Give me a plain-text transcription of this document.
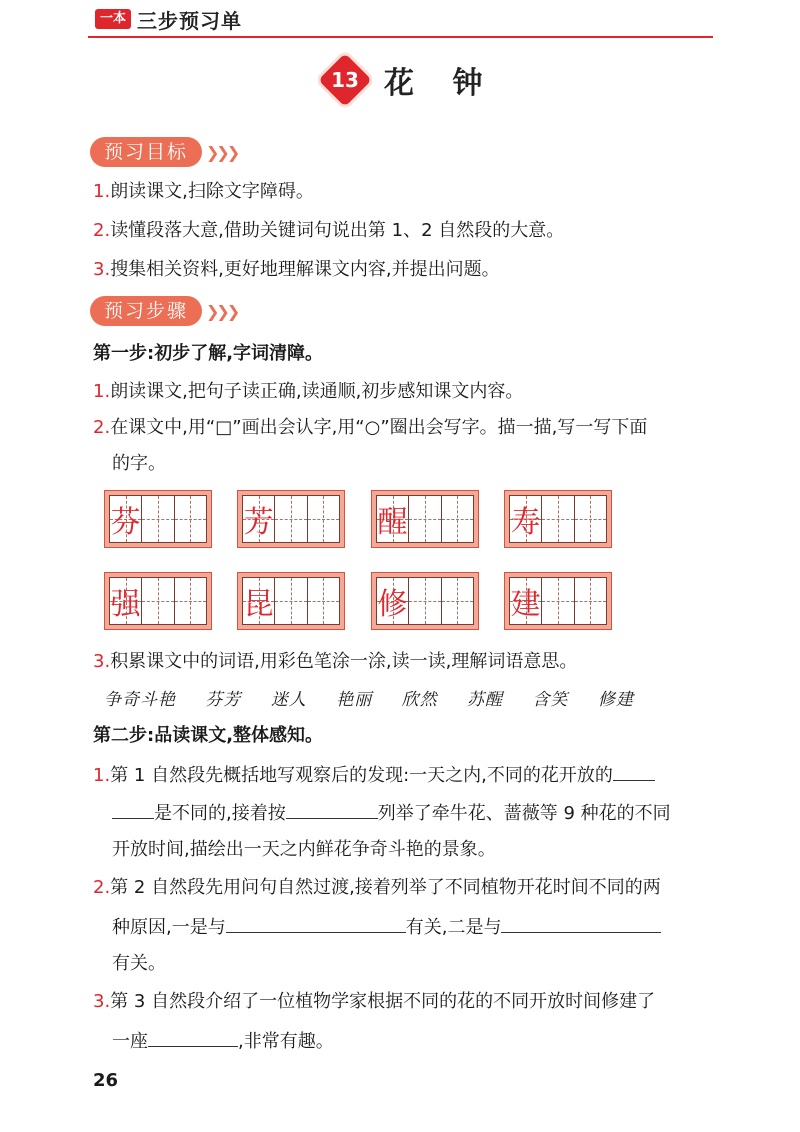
一本 三步预习单
13 花 钟
预习目标	❯❯❯
1.朗读课文,扫除文字障碍。
2.读懂段落大意,借助关键词句说出第 1、2 自然段的大意。
3.搜集相关资料,更好地理解课文内容,并提出问题。
预习步骤	❯❯❯
第一步:初步了解,字词清障。
1.朗读课文,把句子读正确,读通顺,初步感知课文内容。
2.在课文中,用“□”画出会认字,用“○”圈出会写字。描一描,写一写下面
的字。
芬	芳	醒	寿
强	昆	修	建
3.积累课文中的词语,用彩色笔涂一涂,读一读,理解词语意思。
争奇斗艳 芬芳 迷人 艳丽 欣然 苏醒 含笑 修建
第二步:品读课文,整体感知。
1.第 1 自然段先概括地写观察后的发现:一天之内,不同的花开放的
是不同的,接着按	列举了牵牛花、蔷薇等 9 种花的不同
开放时间,描绘出一天之内鲜花争奇斗艳的景象。
2.第 2 自然段先用问句自然过渡,接着列举了不同植物开花时间不同的两
种原因,一是与	有关,二是与
有关。
3.第 3 自然段介绍了一位植物学家根据不同的花的不同开放时间修建了
一座	,非常有趣。
26
